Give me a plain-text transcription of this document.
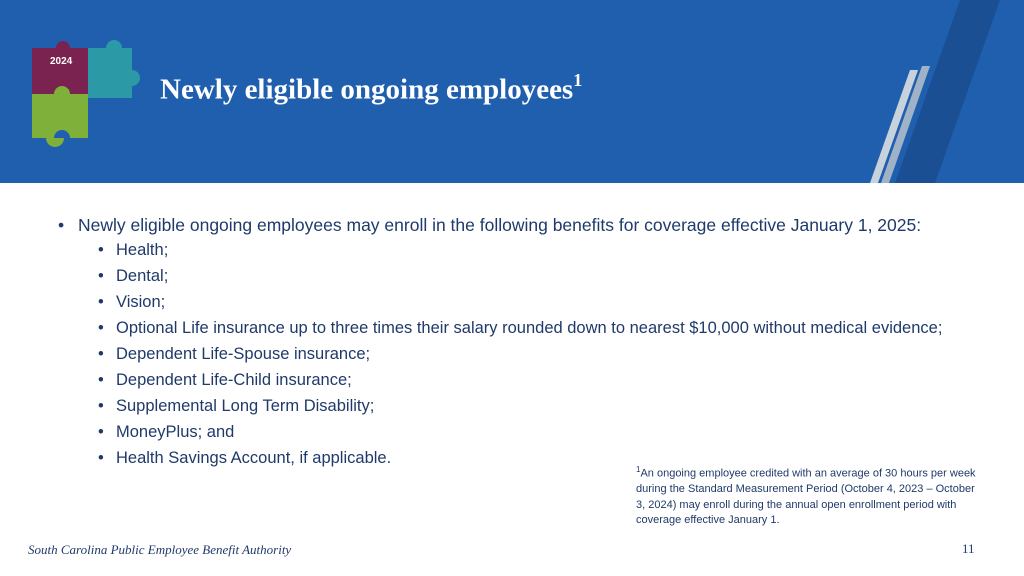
2024
Newly eligible ongoing employees$^1$
• Newly eligible ongoing employees may enroll in the following benefits for coverage effective January 1, 2025:
• Health;
• Dental;
• Vision;
• Optional Life insurance up to three times their salary rounded down to nearest $10,000 without medical evidence;
• Dependent Life-Spouse insurance;
• Dependent Life-Child insurance;
• Supplemental Long Term Disability;
• MoneyPlus; and
• Health Savings Account, if applicable.
$^1$An ongoing employee credited with an average of 30 hours per week during the Standard Measurement Period (October 4, 2023 – October 3, 2024) may enroll during the annual open enrollment period with coverage effective January 1.
South Carolina Public Employee Benefit Authority	11
